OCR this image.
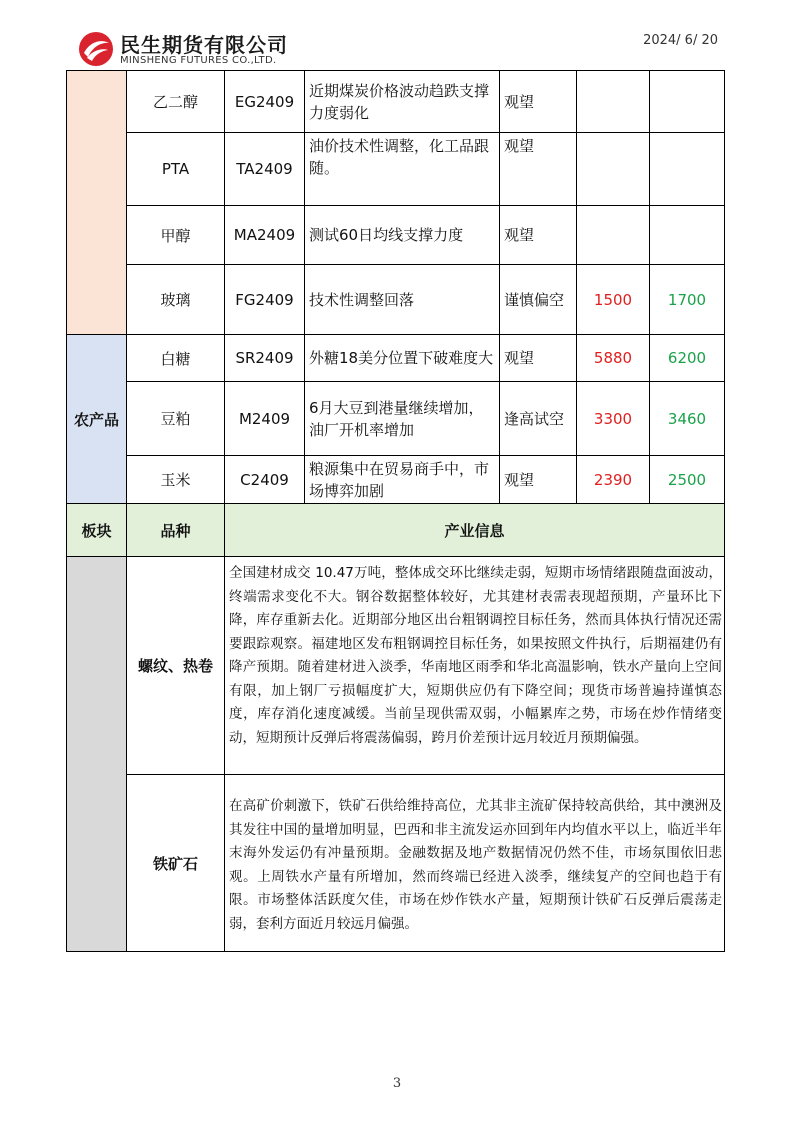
民生期货有限公司
MINSHENG FUTURES CO.,LTD.
2024/ 6/ 20
	乙二醇	EG2409	近期煤炭价格波动趋跌支撑力度弱化	观望		
	PTA	TA2409	油价技术性调整，化工品跟随。	观望		
	甲醇	MA2409	测试60日均线支撑力度	观望		
	玻璃	FG2409	技术性调整回落	谨慎偏空	1500	1700
农产品	白糖	SR2409	外糖18美分位置下破难度大	观望	5880	6200
	豆粕	M2409	6月大豆到港量继续增加，油厂开机率增加	逢高试空	3300	3460
	玉米	C2409	粮源集中在贸易商手中，市场博弈加剧	观望	2390	2500
板块	品种	产业信息
	螺纹、热卷	全国建材成交 10.47万吨，整体成交环比继续走弱，短期市场情绪跟随盘面波动，终端需求变化不大。钢谷数据整体较好，尤其建材表需表现超预期，产量环比下降，库存重新去化。近期部分地区出台粗钢调控目标任务，然而具体执行情况还需要跟踪观察。福建地区发布粗钢调控目标任务，如果按照文件执行，后期福建仍有降产预期。随着建材进入淡季，华南地区雨季和华北高温影响，铁水产量向上空间有限，加上钢厂亏损幅度扩大，短期供应仍有下降空间；现货市场普遍持谨慎态度，库存消化速度减缓。当前呈现供需双弱，小幅累库之势，市场在炒作情绪变动，短期预计反弹后将震荡偏弱，跨月价差预计远月较近月预期偏强。
	铁矿石	在高矿价刺激下，铁矿石供给维持高位，尤其非主流矿保持较高供给，其中澳洲及其发往中国的量增加明显，巴西和非主流发运亦回到年内均值水平以上，临近半年末海外发运仍有冲量预期。金融数据及地产数据情况仍然不佳，市场氛围依旧悲观。上周铁水产量有所增加，然而终端已经进入淡季，继续复产的空间也趋于有限。市场整体活跃度欠佳，市场在炒作铁水产量，短期预计铁矿石反弹后震荡走弱，套利方面近月较远月偏强。
3
